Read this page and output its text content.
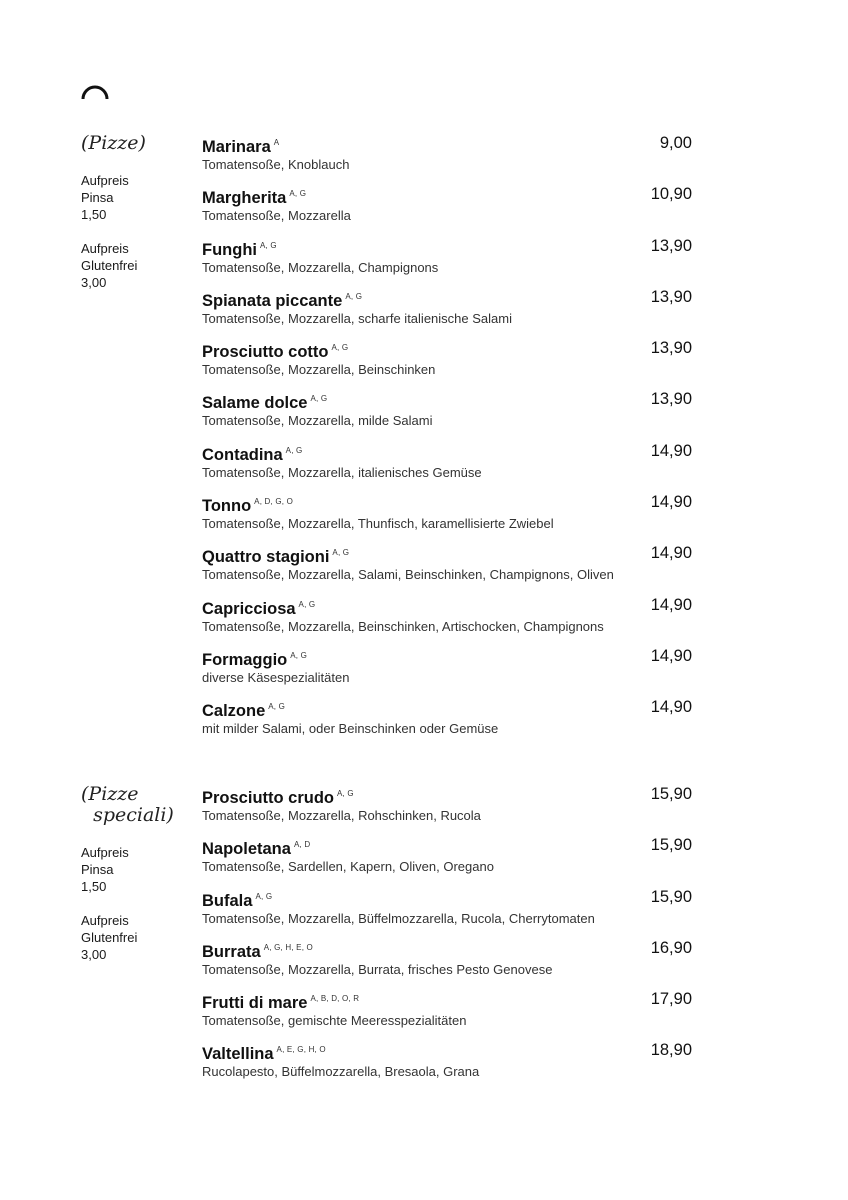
(Pizze)
Aufpreis
Pinsa
1,50
Aufpreis
Glutenfrei
3,00
Marinara $^A$
Tomatensoße, Knoblauch
9,00
Margherita $^{A, G}$
Tomatensoße, Mozzarella
10,90
Funghi $^{A, G}$
Tomatensoße, Mozzarella, Champignons
13,90
Spianata piccante $^{A, G}$
Tomatensoße, Mozzarella, scharfe italienische Salami
13,90
Prosciutto cotto $^{A, G}$
Tomatensoße, Mozzarella, Beinschinken
13,90
Salame dolce $^{A, G}$
Tomatensoße, Mozzarella, milde Salami
13,90
Contadina $^{A, G}$
Tomatensoße, Mozzarella, italienisches Gemüse
14,90
Tonno $^{A, D, G, O}$
Tomatensoße, Mozzarella, Thunfisch, karamellisierte Zwiebel
14,90
Quattro stagioni $^{A, G}$
Tomatensoße, Mozzarella, Salami, Beinschinken, Champignons, Oliven
14,90
Capricciosa $^{A, G}$
Tomatensoße, Mozzarella, Beinschinken, Artischocken, Champignons
14,90
Formaggio $^{A, G}$
diverse Käsespezialitäten
14,90
Calzone $^{A, G}$
mit milder Salami, oder Beinschinken oder Gemüse
14,90
(Pizze
speciali)
Aufpreis
Pinsa
1,50
Aufpreis
Glutenfrei
3,00
Prosciutto crudo $^{A, G}$
Tomatensoße, Mozzarella, Rohschinken, Rucola
15,90
Napoletana $^{A, D}$
Tomatensoße, Sardellen, Kapern, Oliven, Oregano
15,90
Bufala $^{A, G}$
Tomatensoße, Mozzarella, Büffelmozzarella, Rucola, Cherrytomaten
15,90
Burrata $^{A, G, H, E, O}$
Tomatensoße, Mozzarella, Burrata, frisches Pesto Genovese
16,90
Frutti di mare $^{A, B, D, O, R}$
Tomatensoße, gemischte Meeresspezialitäten
17,90
Valtellina $^{A, E, G, H, O}$
Rucolapesto, Büffelmozzarella, Bresaola, Grana
18,90
